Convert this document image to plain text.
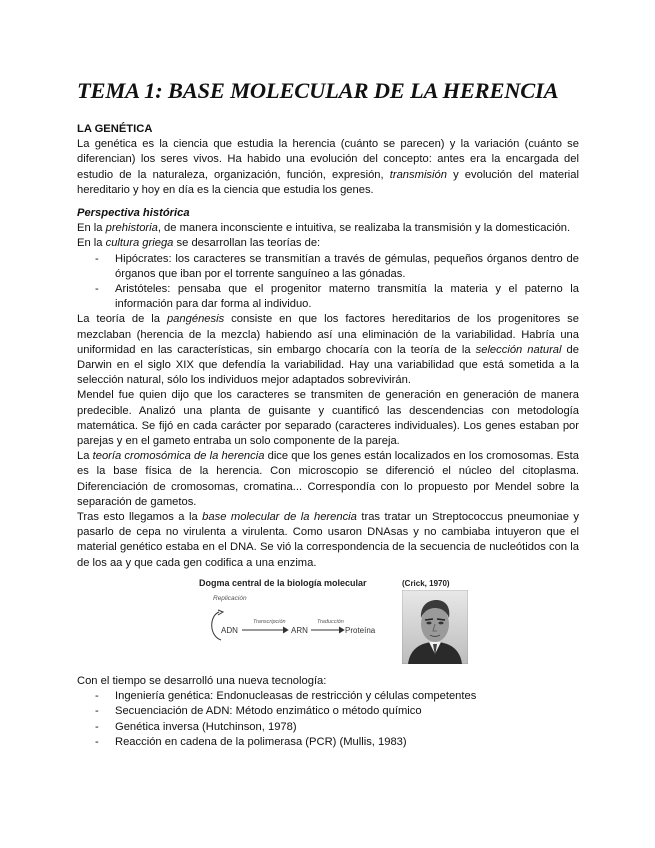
TEMA 1: BASE MOLECULAR DE LA HERENCIA
LA GENÉTICA

La genética es la ciencia que estudia la herencia (cuánto se parecen) y la variación (cuánto se diferencian) los seres vivos. Ha habido una evolución del concepto: antes era la encargada del estudio de la naturaleza, organización, función, expresión, transmisión y evolución del material hereditario y hoy en día es la ciencia que estudia los genes.

Perspectiva histórica

En la prehistoria, de manera inconsciente e intuitiva, se realizaba la transmisión y la domesticación.

En la cultura griega se desarrollan las teorías de:

- Hipócrates: los caracteres se transmitían a través de gémulas, pequeños órganos dentro de órganos que iban por el torrente sanguíneo a las gónadas.
- Aristóteles: pensaba que el progenitor materno transmitía la materia y el paterno la información para dar forma al individuo.

La teoría de la pangénesis consiste en que los factores hereditarios de los progenitores se mezclaban (herencia de la mezcla) habiendo así una eliminación de la variabilidad. Habría una uniformidad en las características, sin embargo chocaría con la teoría de la selección natural de Darwin en el siglo XIX que defendía la variabilidad. Hay una variabilidad que está sometida a la selección natural, sólo los individuos mejor adaptados sobrevivirán.

Mendel fue quien dijo que los caracteres se transmiten de generación en generación de manera predecible. Analizó una planta de guisante y cuantificó las descendencias con metodología matemática. Se fijó en cada carácter por separado (caracteres individuales). Los genes estaban por parejas y en el gameto entraba un solo componente de la pareja.

La teoría cromosómica de la herencia dice que los genes están localizados en los cromosomas. Esta es la base física de la herencia. Con microscopio se diferenció el núcleo del citoplasma. Diferenciación de cromosomas, cromatina... Correspondía con lo propuesto por Mendel sobre la separación de gametos.

Tras esto llegamos a la base molecular de la herencia tras tratar un Streptococcus pneumoniae y pasarlo de cepa no virulenta a virulenta. Como usaron DNAsas y no cambiaba intuyeron que el material genético estaba en el DNA. Se vió la correspondencia de la secuencia de nucleótidos con la de los aa y que cada gen codifica a una enzima.

Dogma central de la biología molecular	(Crick, 1970)
Replicación
ADN
Transcripción
ARN
Traducción
Proteína

Con el tiempo se desarrolló una nueva tecnología:

- Ingeniería genética: Endonucleasas de restricción y células competentes
- Secuenciación de ADN: Método enzimático o método químico
- Genética inversa (Hutchinson, 1978)
- Reacción en cadena de la polimerasa (PCR) (Mullis, 1983)
